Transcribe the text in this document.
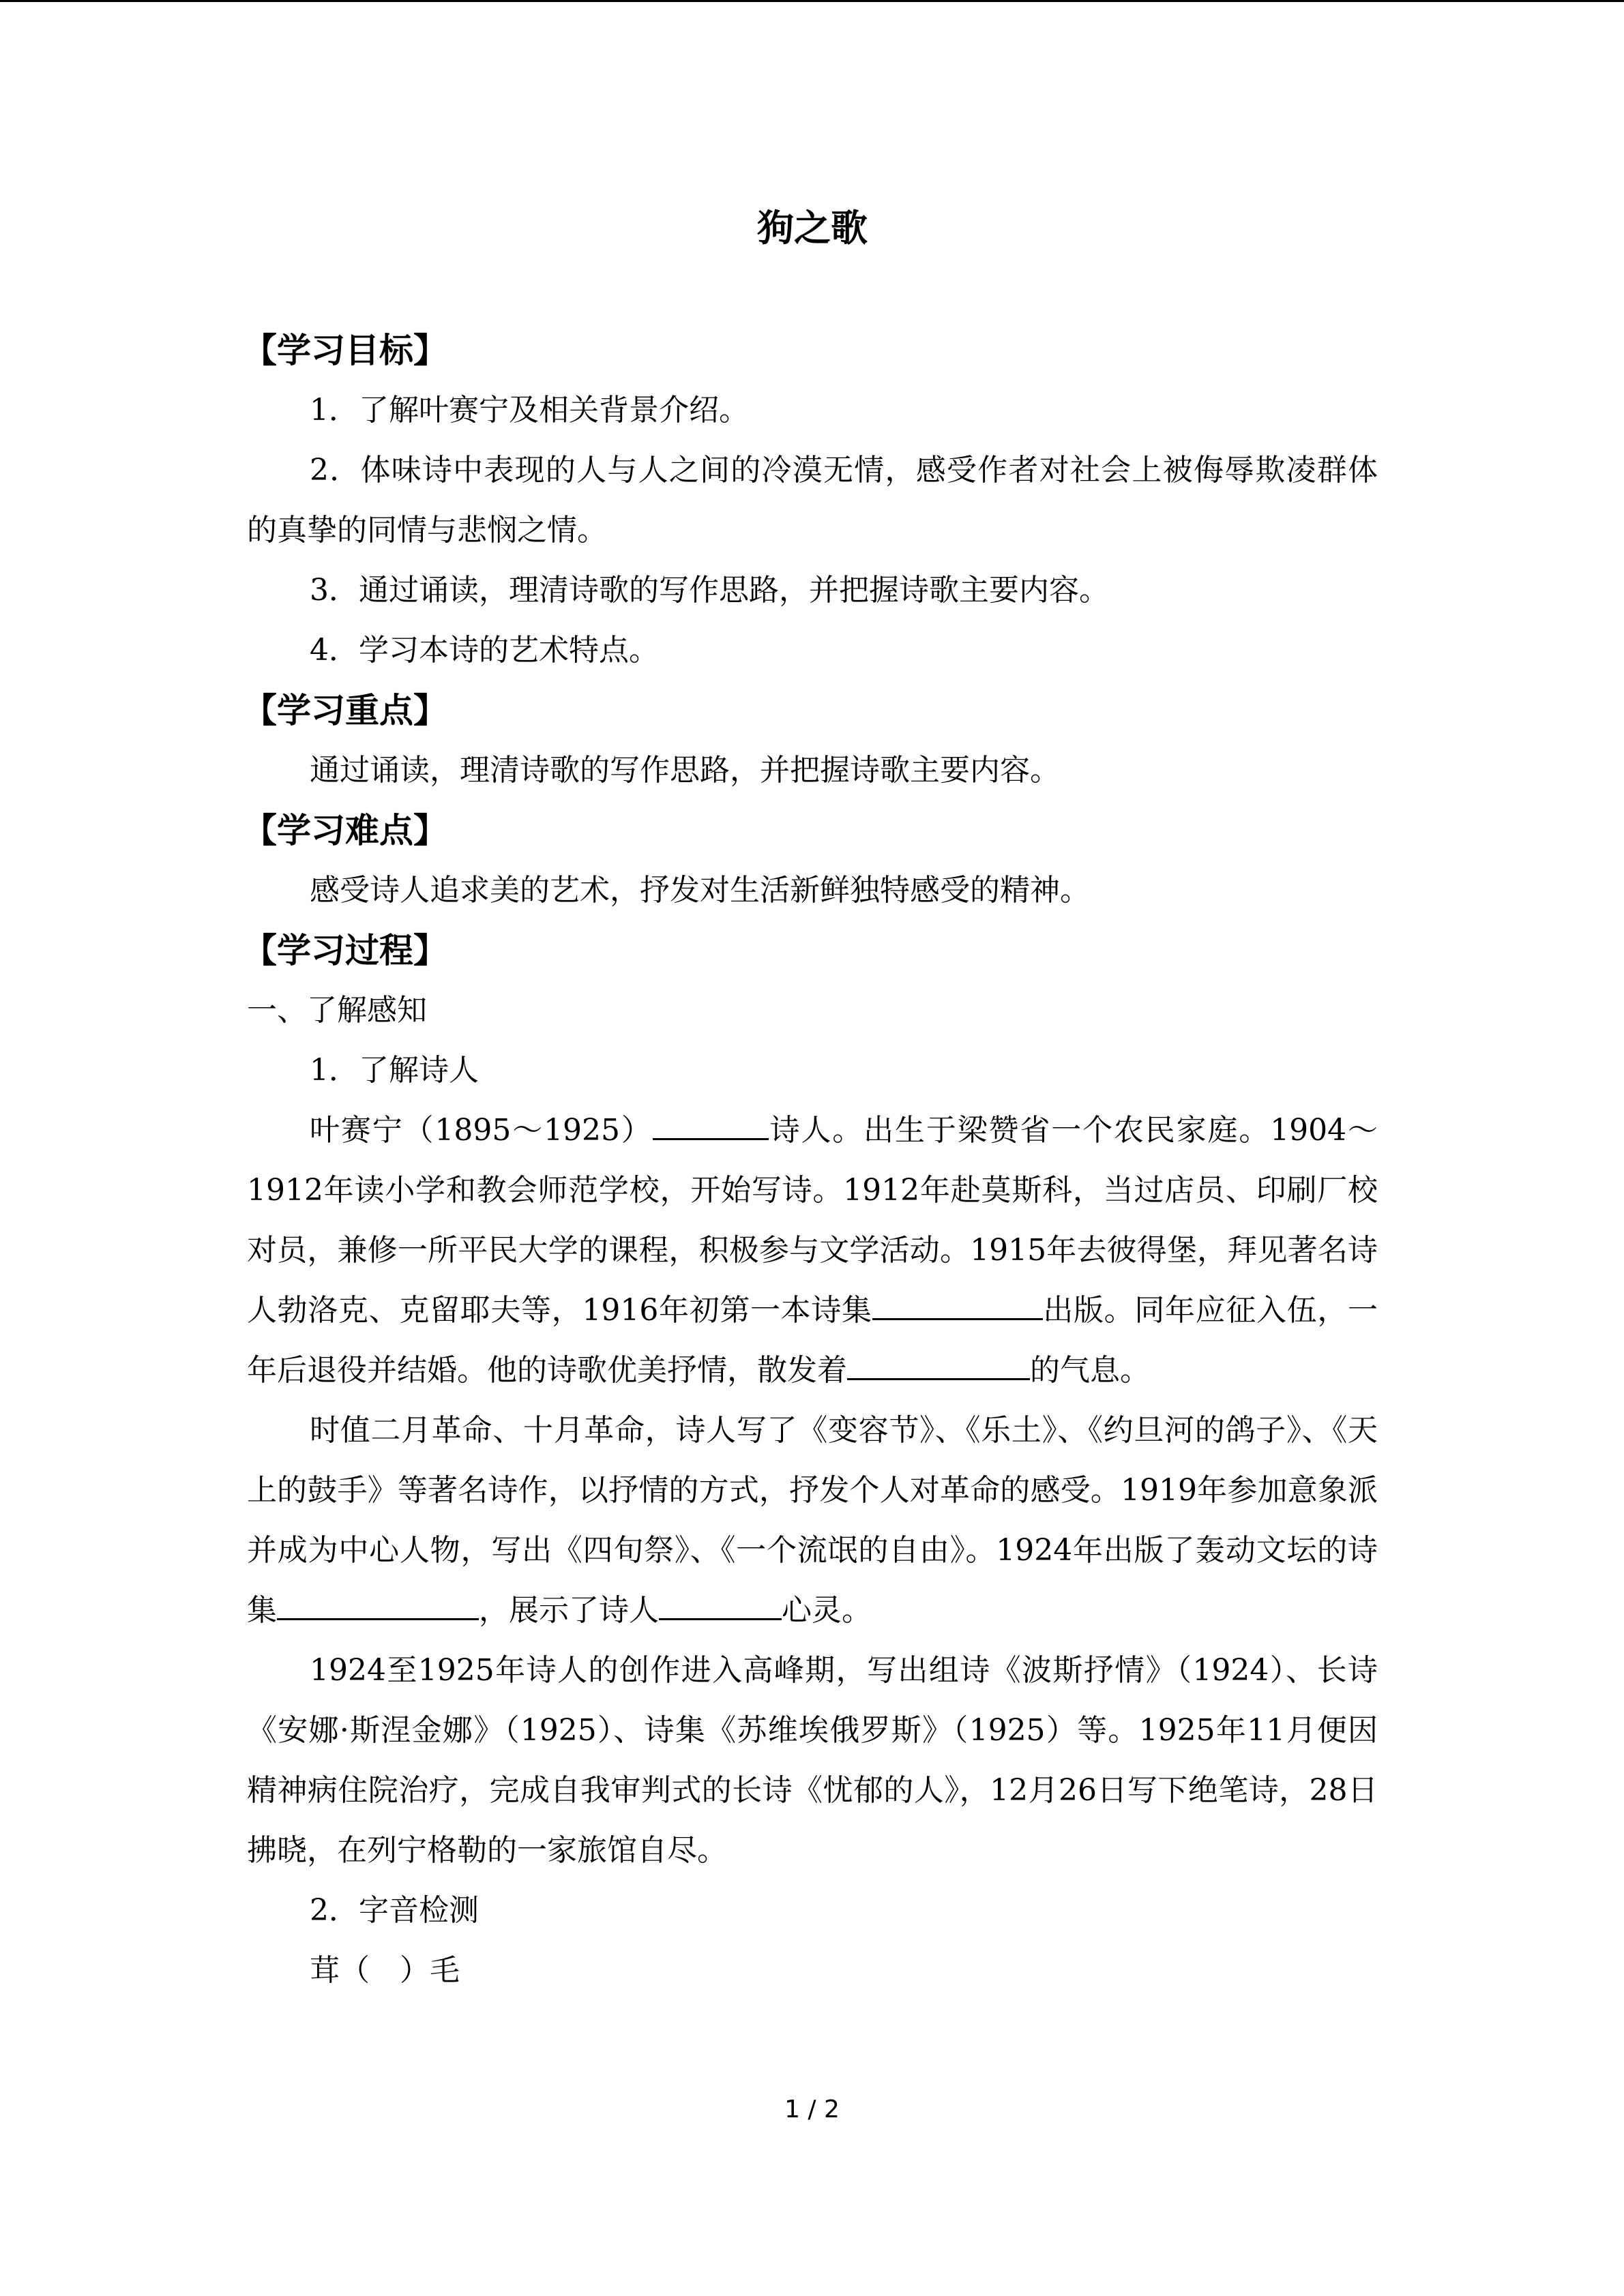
狗之歌
【学习目标】

1．了解叶赛宁及相关背景介绍。

2．体味诗中表现的人与人之间的冷漠无情，感受作者对社会上被侮辱欺凌群体的真挚的同情与悲悯之情。

3．通过诵读，理清诗歌的写作思路，并把握诗歌主要内容。

4．学习本诗的艺术特点。

【学习重点】

通过诵读，理清诗歌的写作思路，并把握诗歌主要内容。

【学习难点】

感受诗人追求美的艺术，抒发对生活新鲜独特感受的精神。

【学习过程】

一、了解感知

1．了解诗人

叶赛宁（1895～1925）	诗人。出生于梁赞省一个农民家庭。1904～1912年读小学和教会师范学校，开始写诗。1912年赴莫斯科，当过店员、印刷厂校对员，兼修一所平民大学的课程，积极参与文学活动。1915年去彼得堡，拜见著名诗人勃洛克、克留耶夫等，1916年初第一本诗集	出版。同年应征入伍，一年后退役并结婚。他的诗歌优美抒情，散发着	的气息。

时值二月革命、十月革命，诗人写了《变容节》、《乐土》、《约旦河的鸽子》、《天上的鼓手》等著名诗作，以抒情的方式，抒发个人对革命的感受。1919年参加意象派并成为中心人物，写出《四旬祭》、《一个流氓的自由》。1924年出版了轰动文坛的诗集	，展示了诗人	心灵。

1924至1925年诗人的创作进入高峰期，写出组诗《波斯抒情》（1924）、长诗《安娜·斯涅金娜》（1925）、诗集《苏维埃俄罗斯》（1925）等。1925年11月便因精神病住院治疗，完成自我审判式的长诗《忧郁的人》，12月26日写下绝笔诗，28日拂晓，在列宁格勒的一家旅馆自尽。

2．字音检测

茸（ ）毛

1 / 2
